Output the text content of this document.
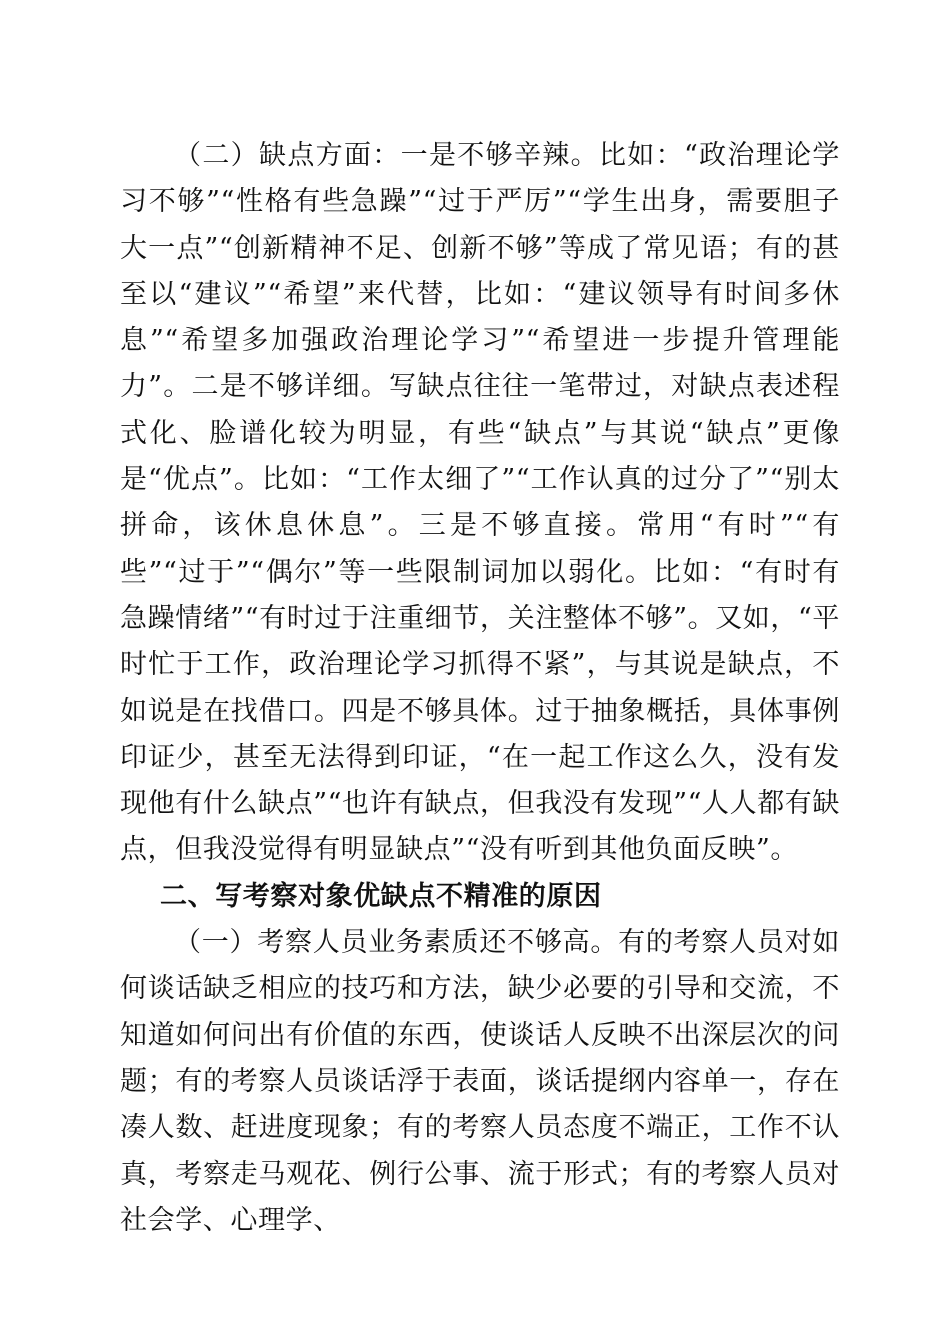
（二）缺点方面：一是不够辛辣。比如：“政治理论学习不够”“性格有些急躁”“过于严厉”“学生出身，需要胆子大一点”“创新精神不足、创新不够”等成了常见语；有的甚至以“建议”“希望”来代替，比如：“建议领导有时间多休息”“希望多加强政治理论学习”“希望进一步提升管理能力”。二是不够详细。写缺点往往一笔带过，对缺点表述程式化、脸谱化较为明显，有些“缺点”与其说“缺点”更像是“优点”。比如：“工作太细了”“工作认真的过分了”“别太拼命，该休息休息”。三是不够直接。常用“有时”“有些”“过于”“偶尔”等一些限制词加以弱化。比如：“有时有急躁情绪”“有时过于注重细节，关注整体不够”。又如，“平时忙于工作，政治理论学习抓得不紧”，与其说是缺点，不如说是在找借口。四是不够具体。过于抽象概括，具体事例印证少，甚至无法得到印证，“在一起工作这么久，没有发现他有什么缺点”“也许有缺点，但我没有发现”“人人都有缺点，但我没觉得有明显缺点”“没有听到其他负面反映”。

二、写考察对象优缺点不精准的原因

（一）考察人员业务素质还不够高。有的考察人员对如何谈话缺乏相应的技巧和方法，缺少必要的引导和交流，不知道如何问出有价值的东西，使谈话人反映不出深层次的问题；有的考察人员谈话浮于表面，谈话提纲内容单一，存在凑人数、赶进度现象；有的考察人员态度不端正，工作不认真，考察走马观花、例行公事、流于形式；有的考察人员对社会学、心理学、
